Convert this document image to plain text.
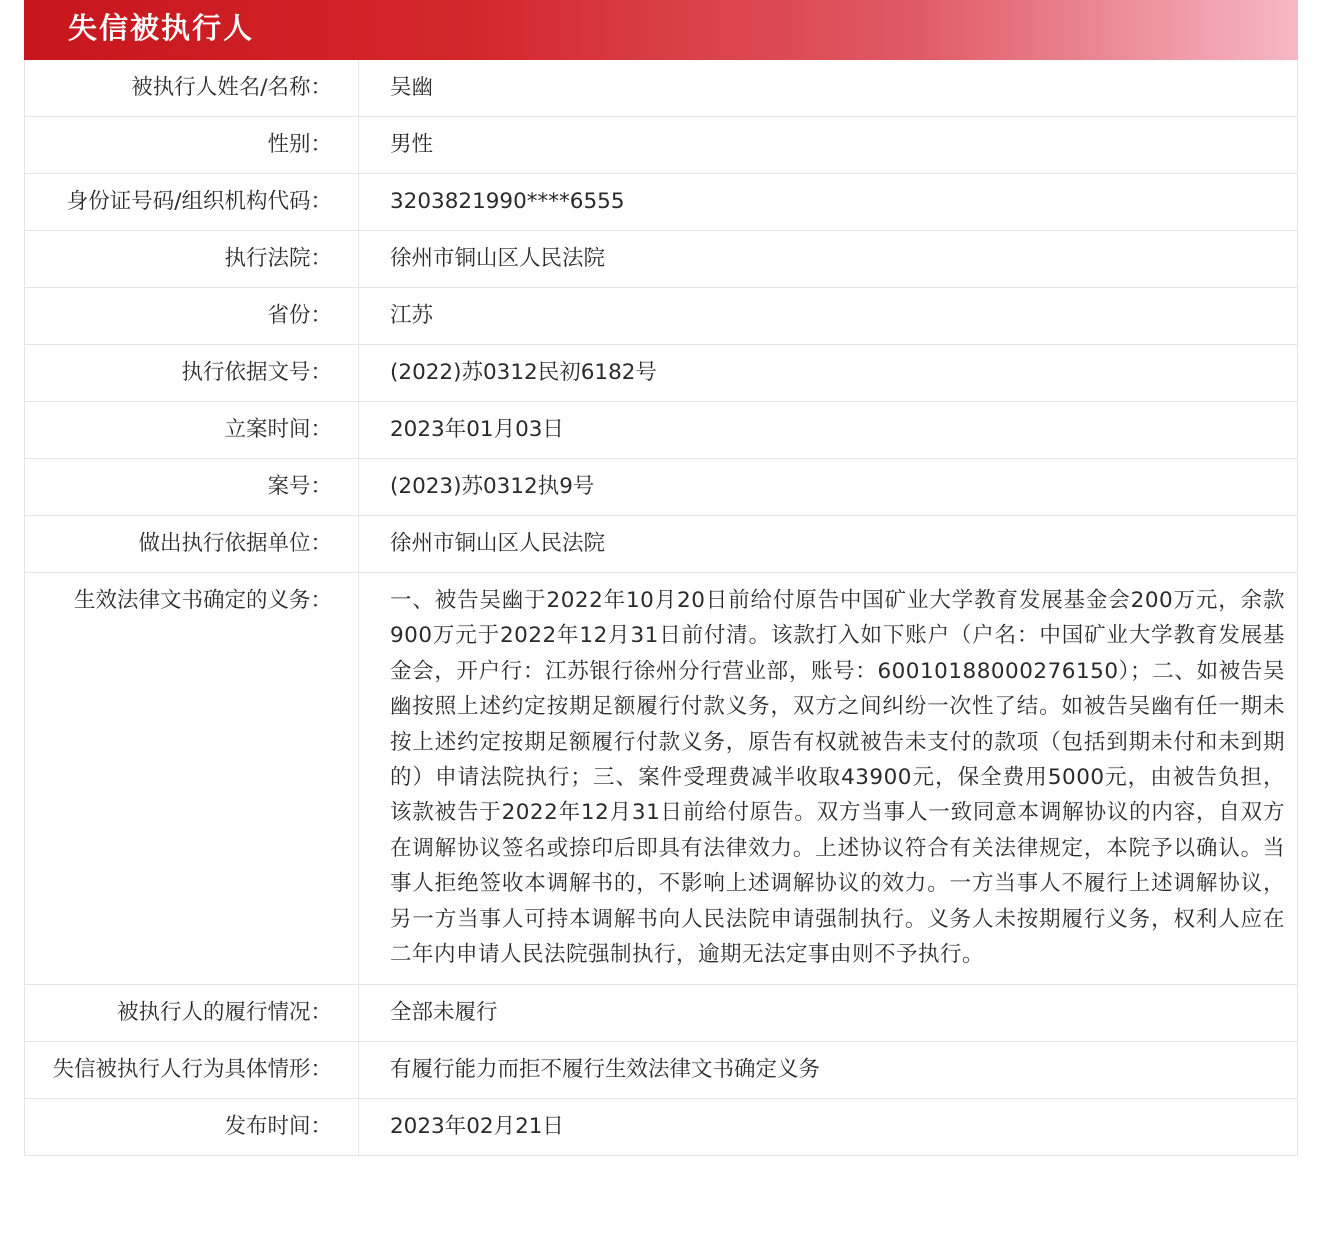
失信被执行人
被执行人姓名/名称：	吴幽
性别：	男性
身份证号码/组织机构代码：	3203821990****6555
执行法院：	徐州市铜山区人民法院
省份：	江苏
执行依据文号：	(2022)苏0312民初6182号
立案时间：	2023年01月03日
案号：	(2023)苏0312执9号
做出执行依据单位：	徐州市铜山区人民法院
生效法律文书确定的义务：	一、被告吴幽于2022年10月20日前给付原告中国矿业大学教育发展基金会200万元，余款900万元于2022年12月31日前付清。该款打入如下账户（户名：中国矿业大学教育发展基金会，开户行：江苏银行徐州分行营业部，账号：60010188000276150）；二、如被告吴幽按照上述约定按期足额履行付款义务，双方之间纠纷一次性了结。如被告吴幽有任一期未按上述约定按期足额履行付款义务，原告有权就被告未支付的款项（包括到期未付和未到期的）申请法院执行；三、案件受理费减半收取43900元，保全费用5000元，由被告负担，该款被告于2022年12月31日前给付原告。双方当事人一致同意本调解协议的内容，自双方在调解协议签名或捺印后即具有法律效力。上述协议符合有关法律规定，本院予以确认。当事人拒绝签收本调解书的，不影响上述调解协议的效力。一方当事人不履行上述调解协议，另一方当事人可持本调解书向人民法院申请强制执行。义务人未按期履行义务，权利人应在二年内申请人民法院强制执行，逾期无法定事由则不予执行。
被执行人的履行情况：	全部未履行
失信被执行人行为具体情形：	有履行能力而拒不履行生效法律文书确定义务
发布时间：	2023年02月21日
